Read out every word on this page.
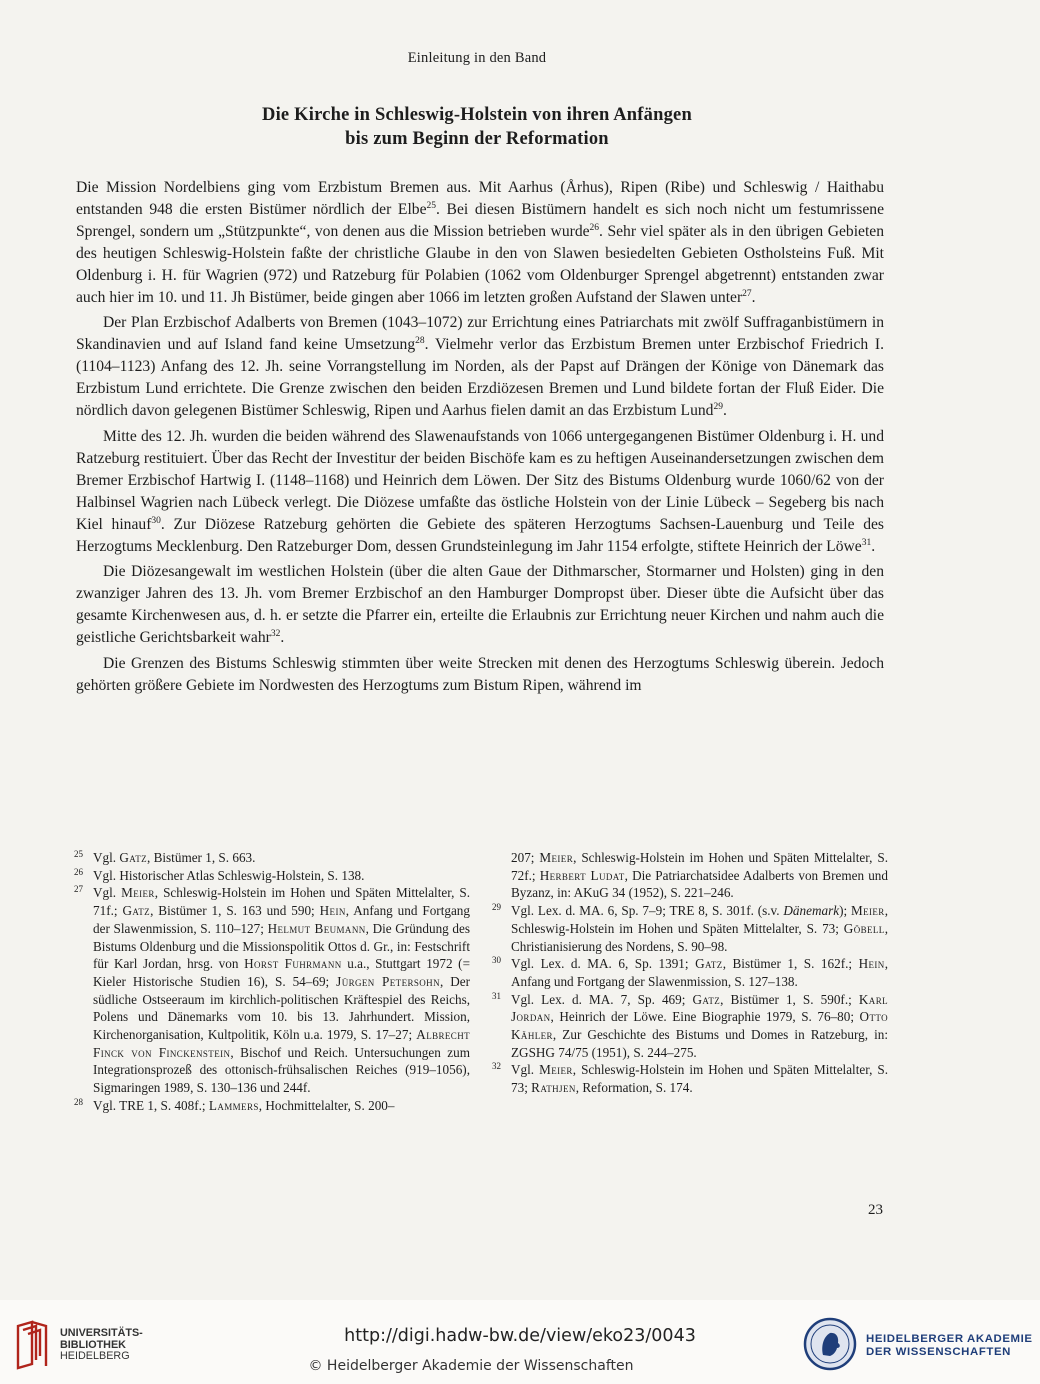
Einleitung in den Band
Die Kirche in Schleswig-Holstein von ihren Anfängen
bis zum Beginn der Reformation

Die Mission Nordelbiens ging vom Erzbistum Bremen aus. Mit Aarhus (Århus), Ripen (Ribe) und Schleswig / Haithabu entstanden 948 die ersten Bistümer nördlich der Elbe$^{25}$. Bei diesen Bistümern handelt es sich noch nicht um festumrissene Sprengel, sondern um „Stützpunkte“, von denen aus die Mission betrieben wurde$^{26}$. Sehr viel später als in den übrigen Gebieten des heutigen Schleswig-Holstein faßte der christliche Glaube in den von Slawen besiedelten Gebieten Ostholsteins Fuß. Mit Oldenburg i. H. für Wagrien (972) und Ratzeburg für Polabien (1062 vom Oldenburger Sprengel abgetrennt) entstanden zwar auch hier im 10. und 11. Jh Bistümer, beide gingen aber 1066 im letzten großen Aufstand der Slawen unter$^{27}$.

Der Plan Erzbischof Adalberts von Bremen (1043–1072) zur Errichtung eines Patriarchats mit zwölf Suffraganbistümern in Skandinavien und auf Island fand keine Umsetzung$^{28}$. Vielmehr verlor das Erzbistum Bremen unter Erzbischof Friedrich I. (1104–1123) Anfang des 12. Jh. seine Vorrangstellung im Norden, als der Papst auf Drängen der Könige von Dänemark das Erzbistum Lund errichtete. Die Grenze zwischen den beiden Erzdiözesen Bremen und Lund bildete fortan der Fluß Eider. Die nördlich davon gelegenen Bistümer Schleswig, Ripen und Aarhus fielen damit an das Erzbistum Lund$^{29}$.

Mitte des 12. Jh. wurden die beiden während des Slawenaufstands von 1066 untergegangenen Bistümer Oldenburg i. H. und Ratzeburg restituiert. Über das Recht der Investitur der beiden Bischöfe kam es zu heftigen Auseinandersetzungen zwischen dem Bremer Erzbischof Hartwig I. (1148–1168) und Heinrich dem Löwen. Der Sitz des Bistums Oldenburg wurde 1060/62 von der Halbinsel Wagrien nach Lübeck verlegt. Die Diözese umfaßte das östliche Holstein von der Linie Lübeck – Segeberg bis nach Kiel hinauf$^{30}$. Zur Diözese Ratzeburg gehörten die Gebiete des späteren Herzogtums Sachsen-Lauenburg und Teile des Herzogtums Mecklenburg. Den Ratzeburger Dom, dessen Grundsteinlegung im Jahr 1154 erfolgte, stiftete Heinrich der Löwe$^{31}$.

Die Diözesangewalt im westlichen Holstein (über die alten Gaue der Dithmarscher, Stormarner und Holsten) ging in den zwanziger Jahren des 13. Jh. vom Bremer Erzbischof an den Hamburger Dompropst über. Dieser übte die Aufsicht über das gesamte Kirchenwesen aus, d. h. er setzte die Pfarrer ein, erteilte die Erlaubnis zur Errichtung neuer Kirchen und nahm auch die geistliche Gerichtsbarkeit wahr$^{32}$.

Die Grenzen des Bistums Schleswig stimmten über weite Strecken mit denen des Herzogtums Schleswig überein. Jedoch gehörten größere Gebiete im Nordwesten des Herzogtums zum Bistum Ripen, während im

25 Vgl. Gatz, Bistümer 1, S. 663.
26 Vgl. Historischer Atlas Schleswig-Holstein, S. 138.
27 Vgl. Meier, Schleswig-Holstein im Hohen und Späten Mittelalter, S. 71f.; Gatz, Bistümer 1, S. 163 und 590; Hein, Anfang und Fortgang der Slawenmission, S. 110–127; Helmut Beumann, Die Gründung des Bistums Oldenburg und die Missionspolitik Ottos d. Gr., in: Festschrift für Karl Jordan, hrsg. von Horst Fuhrmann u.a., Stuttgart 1972 (= Kieler Historische Studien 16), S. 54–69; Jürgen Petersohn, Der südliche Ostseeraum im kirchlich-politischen Kräftespiel des Reichs, Polens und Dänemarks vom 10. bis 13. Jahrhundert. Mission, Kirchenorganisation, Kultpolitik, Köln u.a. 1979, S. 17–27; Albrecht Finck von Finckenstein, Bischof und Reich. Untersuchungen zum Integrationsprozeß des ottonisch-frühsalischen Reiches (919–1056), Sigmaringen 1989, S. 130–136 und 244f.
28 Vgl. TRE 1, S. 408f.; Lammers, Hochmittelalter, S. 200–
207; Meier, Schleswig-Holstein im Hohen und Späten Mittelalter, S. 72f.; Herbert Ludat, Die Patriarchatsidee Adalberts von Bremen und Byzanz, in: AKuG 34 (1952), S. 221–246.
29 Vgl. Lex. d. MA. 6, Sp. 7–9; TRE 8, S. 301f. (s.v. Dänemark); Meier, Schleswig-Holstein im Hohen und Späten Mittelalter, S. 73; Göbell, Christianisierung des Nordens, S. 90–98.
30 Vgl. Lex. d. MA. 6, Sp. 1391; Gatz, Bistümer 1, S. 162f.; Hein, Anfang und Fortgang der Slawenmission, S. 127–138.
31 Vgl. Lex. d. MA. 7, Sp. 469; Gatz, Bistümer 1, S. 590f.; Karl Jordan, Heinrich der Löwe. Eine Biographie 1979, S. 76–80; Otto Kähler, Zur Geschichte des Bistums und Domes in Ratzeburg, in: ZGSHG 74/75 (1951), S. 244–275.
32 Vgl. Meier, Schleswig-Holstein im Hohen und Späten Mittelalter, S. 73; Rathjen, Reformation, S. 174.
23
UNIVERSITÄTS-
BIBLIOTHEK
HEIDELBERG
http://digi.hadw-bw.de/view/eko23/0043
© Heidelberger Akademie der Wissenschaften
HEIDELBERGER AKADEMIE
DER WISSENSCHAFTEN
